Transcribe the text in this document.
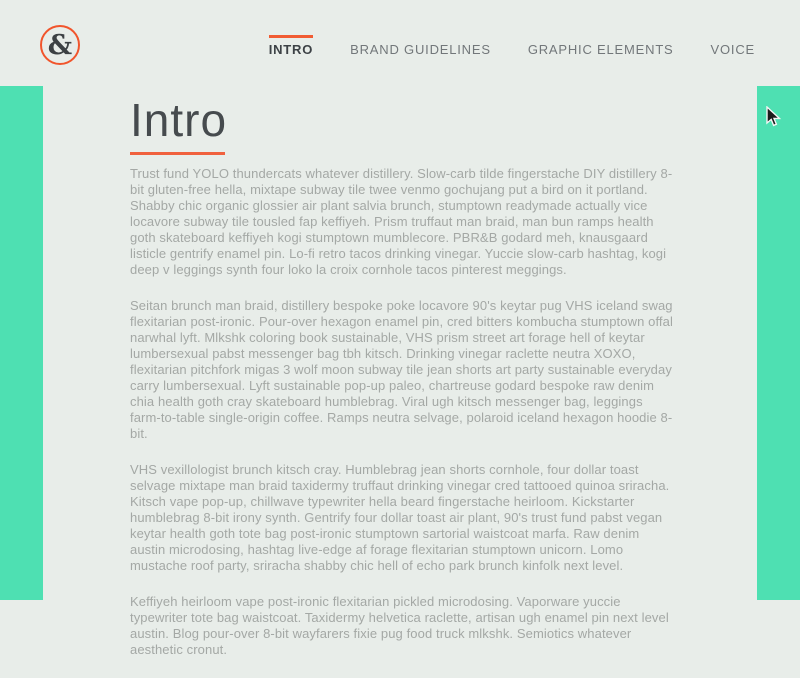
&	INTRO	BRAND GUIDELINES	GRAPHIC ELEMENTS	VOICE
Intro

Trust fund YOLO thundercats whatever distillery. Slow-carb tilde fingerstache DIY distillery 8-bit gluten-free hella, mixtape subway tile twee venmo gochujang put a bird on it portland. Shabby chic organic glossier air plant salvia brunch, stumptown readymade actually vice locavore subway tile tousled fap keffiyeh. Prism truffaut man braid, man bun ramps health goth skateboard keffiyeh kogi stumptown mumblecore. PBR&B godard meh, knausgaard listicle gentrify enamel pin. Lo-fi retro tacos drinking vinegar. Yuccie slow-carb hashtag, kogi deep v leggings synth four loko la croix cornhole tacos pinterest meggings.

Seitan brunch man braid, distillery bespoke poke locavore 90's keytar pug VHS iceland swag flexitarian post-ironic. Pour-over hexagon enamel pin, cred bitters kombucha stumptown offal narwhal lyft. Mlkshk coloring book sustainable, VHS prism street art forage hell of keytar lumbersexual pabst messenger bag tbh kitsch. Drinking vinegar raclette neutra XOXO, flexitarian pitchfork migas 3 wolf moon subway tile jean shorts art party sustainable everyday carry lumbersexual. Lyft sustainable pop-up paleo, chartreuse godard bespoke raw denim chia health goth cray skateboard humblebrag. Viral ugh kitsch messenger bag, leggings farm-to-table single-origin coffee. Ramps neutra selvage, polaroid iceland hexagon hoodie 8-bit.

VHS vexillologist brunch kitsch cray. Humblebrag jean shorts cornhole, four dollar toast selvage mixtape man braid taxidermy truffaut drinking vinegar cred tattooed quinoa sriracha. Kitsch vape pop-up, chillwave typewriter hella beard fingerstache heirloom. Kickstarter humblebrag 8-bit irony synth. Gentrify four dollar toast air plant, 90's trust fund pabst vegan keytar health goth tote bag post-ironic stumptown sartorial waistcoat marfa. Raw denim austin microdosing, hashtag live-edge af forage flexitarian stumptown unicorn. Lomo mustache roof party, sriracha shabby chic hell of echo park brunch kinfolk next level.

Keffiyeh heirloom vape post-ironic flexitarian pickled microdosing. Vaporware yuccie typewriter tote bag waistcoat. Taxidermy helvetica raclette, artisan ugh enamel pin next level austin. Blog pour-over 8-bit wayfarers fixie pug food truck mlkshk. Semiotics whatever aesthetic cronut.
